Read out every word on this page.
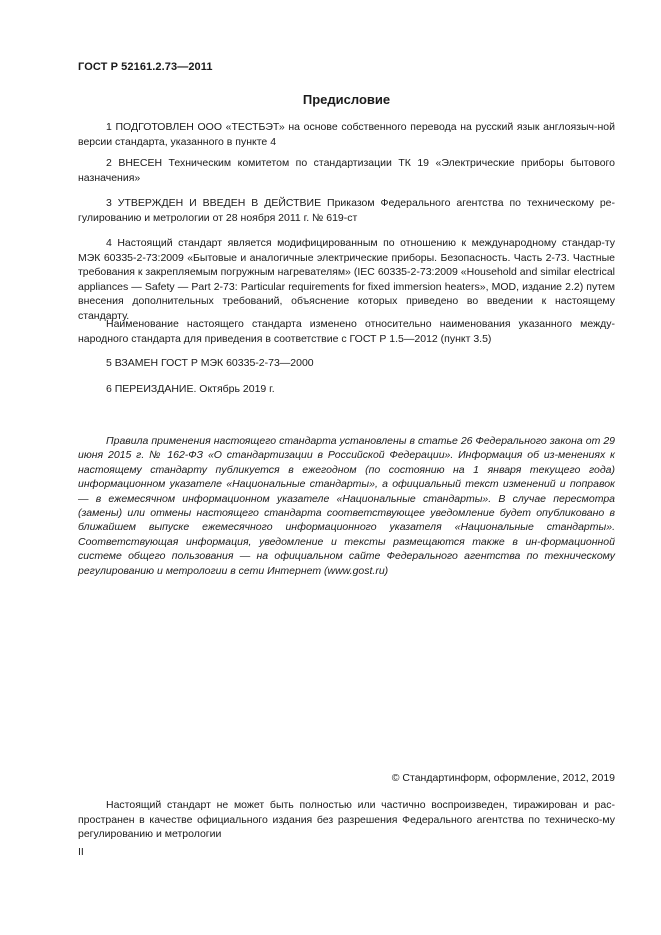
ГОСТ Р 52161.2.73—2011
Предисловие
1 ПОДГОТОВЛЕН ООО «ТЕСТБЭТ» на основе собственного перевода на русский язык англоязыч-ной версии стандарта, указанного в пункте 4
2 ВНЕСЕН Техническим комитетом по стандартизации ТК 19 «Электрические приборы бытового назначения»
3 УТВЕРЖДЕН И ВВЕДЕН В ДЕЙСТВИЕ Приказом Федерального агентства по техническому ре-гулированию и метрологии от 28 ноября 2011 г. № 619-ст
4 Настоящий стандарт является модифицированным по отношению к международному стандар-ту МЭК 60335-2-73:2009 «Бытовые и аналогичные электрические приборы. Безопасность. Часть 2-73. Частные требования к закрепляемым погружным нагревателям» (IEC 60335-2-73:2009 «Household and similar electrical appliances — Safety — Part 2-73: Particular requirements for fixed immersion heaters», MOD, издание 2.2) путем внесения дополнительных требований, объяснение которых приведено во введении к настоящему стандарту.
Наименование настоящего стандарта изменено относительно наименования указанного между-народного стандарта для приведения в соответствие с ГОСТ Р 1.5—2012 (пункт 3.5)
5 ВЗАМЕН ГОСТ Р МЭК 60335-2-73—2000
6 ПЕРЕИЗДАНИЕ. Октябрь 2019 г.
Правила применения настоящего стандарта установлены в статье 26 Федерального закона от 29 июня 2015 г. № 162-ФЗ «О стандартизации в Российской Федерации». Информация об из-менениях к настоящему стандарту публикуется в ежегодном (по состоянию на 1 января текущего года) информационном указателе «Национальные стандарты», а официальный текст изменений и поправок — в ежемесячном информационном указателе «Национальные стандарты». В случае пересмотра (замены) или отмены настоящего стандарта соответствующее уведомление будет опубликовано в ближайшем выпуске ежемесячного информационного указателя «Национальные стандарты». Соответствующая информация, уведомление и тексты размещаются также в ин-формационной системе общего пользования — на официальном сайте Федерального агентства по техническому регулированию и метрологии в сети Интернет (www.gost.ru)
© Стандартинформ, оформление, 2012, 2019
Настоящий стандарт не может быть полностью или частично воспроизведен, тиражирован и рас-пространен в качестве официального издания без разрешения Федерального агентства по техническо-му регулированию и метрологии
II
